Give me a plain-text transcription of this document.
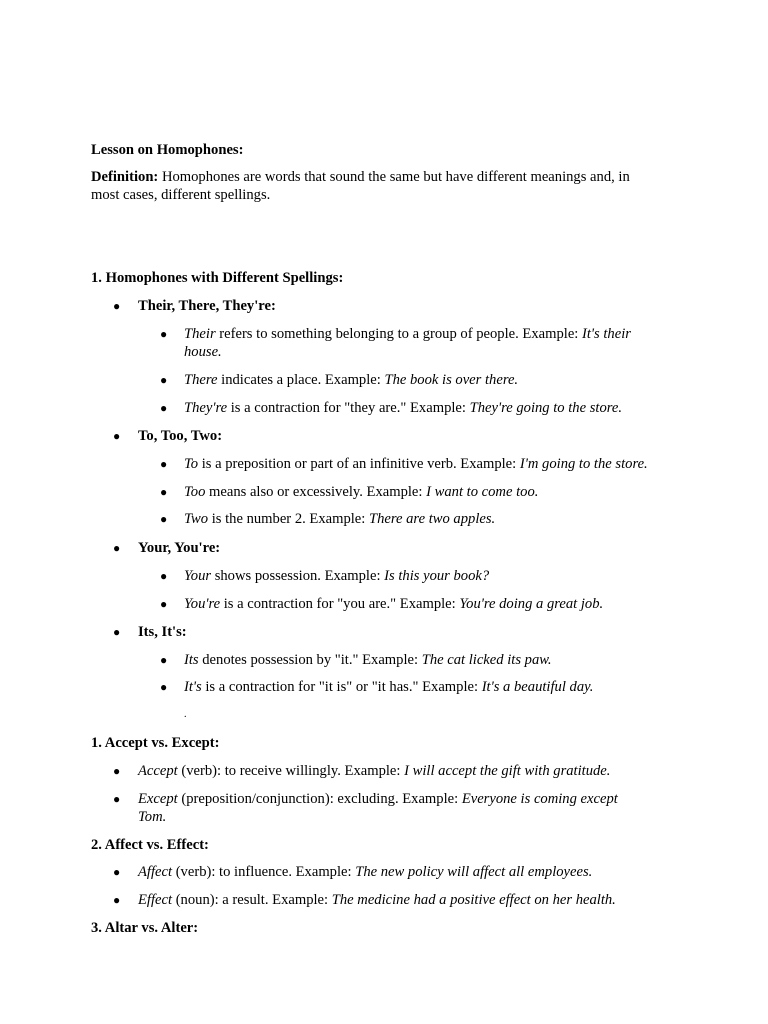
Lesson on Homophones:
Definition: Homophones are words that sound the same but have different meanings and, in
most cases, different spellings.
1. Homophones with Different Spellings:
● Their, There, They're:
● Their refers to something belonging to a group of people. Example: It's their
house.
● There indicates a place. Example: The book is over there.
● They're is a contraction for "they are." Example: They're going to the store.
● To, Too, Two:
● To is a preposition or part of an infinitive verb. Example: I'm going to the store.
● Too means also or excessively. Example: I want to come too.
● Two is the number 2. Example: There are two apples.
● Your, You're:
● Your shows possession. Example: Is this your book?
● You're is a contraction for "you are." Example: You're doing a great job.
● Its, It's:
● Its denotes possession by "it." Example: The cat licked its paw.
● It's is a contraction for "it is" or "it has." Example: It's a beautiful day.
.
1. Accept vs. Except:
● Accept (verb): to receive willingly. Example: I will accept the gift with gratitude.
● Except (preposition/conjunction): excluding. Example: Everyone is coming except
Tom.
2. Affect vs. Effect:
● Affect (verb): to influence. Example: The new policy will affect all employees.
● Effect (noun): a result. Example: The medicine had a positive effect on her health.
3. Altar vs. Alter:
